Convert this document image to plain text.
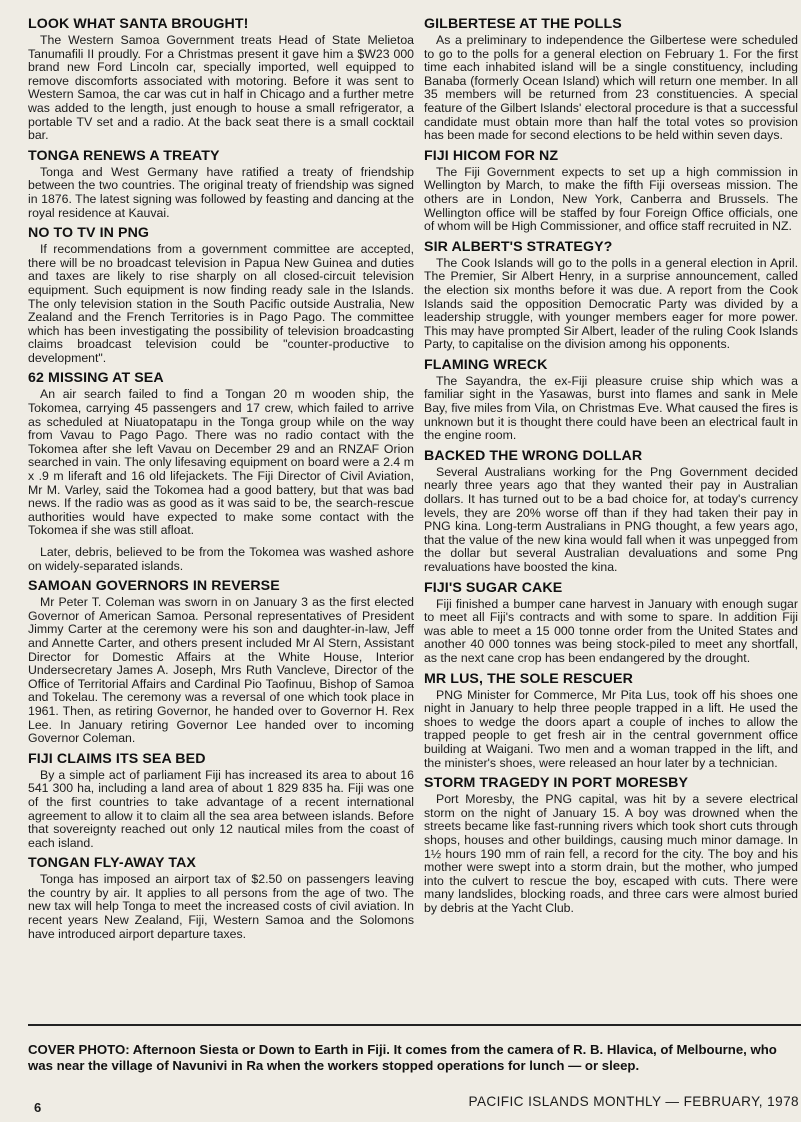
LOOK WHAT SANTA BROUGHT!

The Western Samoa Government treats Head of State Melietoa Tanumafili II proudly. For a Christmas present it gave him a $W23 000 brand new Ford Lincoln car, specially imported, well equipped to remove discomforts associated with motoring. Before it was sent to Western Samoa, the car was cut in half in Chicago and a further metre was added to the length, just enough to house a small refrigerator, a portable TV set and a radio. At the back seat there is a small cocktail bar.

TONGA RENEWS A TREATY

Tonga and West Germany have ratified a treaty of friendship between the two countries. The original treaty of friendship was signed in 1876. The latest signing was followed by feasting and dancing at the royal residence at Kauvai.

NO TO TV IN PNG

If recommendations from a government committee are accepted, there will be no broadcast television in Papua New Guinea and duties and taxes are likely to rise sharply on all closed-circuit television equipment. Such equipment is now finding ready sale in the Islands. The only television station in the South Pacific outside Australia, New Zealand and the French Territories is in Pago Pago. The committee which has been investigating the possibility of television broadcasting claims broadcast television could be "counter-productive to development".

62 MISSING AT SEA

An air search failed to find a Tongan 20 m wooden ship, the Tokomea, carrying 45 passengers and 17 crew, which failed to arrive as scheduled at Niuatopatapu in the Tonga group while on the way from Vavau to Pago Pago. There was no radio contact with the Tokomea after she left Vavau on December 29 and an RNZAF Orion searched in vain. The only lifesaving equipment on board were a 2.4 m x .9 m liferaft and 16 old lifejackets. The Fiji Director of Civil Aviation, Mr M. Varley, said the Tokomea had a good battery, but that was bad news. If the radio was as good as it was said to be, the search-rescue authorities would have expected to make some contact with the Tokomea if she was still afloat.

Later, debris, believed to be from the Tokomea was washed ashore on widely-separated islands.

SAMOAN GOVERNORS IN REVERSE

Mr Peter T. Coleman was sworn in on January 3 as the first elected Governor of American Samoa. Personal representatives of President Jimmy Carter at the ceremony were his son and daughter-in-law, Jeff and Annette Carter, and others present included Mr Al Stern, Assistant Director for Domestic Affairs at the White House, Interior Undersecretary James A. Joseph, Mrs Ruth Vancleve, Director of the Office of Territorial Affairs and Cardinal Pio Taofinuu, Bishop of Samoa and Tokelau. The ceremony was a reversal of one which took place in 1961. Then, as retiring Governor, he handed over to Governor H. Rex Lee. In January retiring Governor Lee handed over to incoming Governor Coleman.

FIJI CLAIMS ITS SEA BED

By a simple act of parliament Fiji has increased its area to about 16 541 300 ha, including a land area of about 1 829 835 ha. Fiji was one of the first countries to take advantage of a recent international agreement to allow it to claim all the sea area between islands. Before that sovereignty reached out only 12 nautical miles from the coast of each island.

TONGAN FLY-AWAY TAX

Tonga has imposed an airport tax of $2.50 on passengers leaving the country by air. It applies to all persons from the age of two. The new tax will help Tonga to meet the increased costs of civil aviation. In recent years New Zealand, Fiji, Western Samoa and the Solomons have introduced airport departure taxes.

GILBERTESE AT THE POLLS

As a preliminary to independence the Gilbertese were scheduled to go to the polls for a general election on February 1. For the first time each inhabited island will be a single constituency, including Banaba (formerly Ocean Island) which will return one member. In all 35 members will be returned from 23 constituencies. A special feature of the Gilbert Islands' electoral procedure is that a successful candidate must obtain more than half the total votes so provision has been made for second elections to be held within seven days.

FIJI HICOM FOR NZ

The Fiji Government expects to set up a high commission in Wellington by March, to make the fifth Fiji overseas mission. The others are in London, New York, Canberra and Brussels. The Wellington office will be staffed by four Foreign Office officials, one of whom will be High Commissioner, and office staff recruited in NZ.

SIR ALBERT'S STRATEGY?

The Cook Islands will go to the polls in a general election in April. The Premier, Sir Albert Henry, in a surprise announcement, called the election six months before it was due. A report from the Cook Islands said the opposition Democratic Party was divided by a leadership struggle, with younger members eager for more power. This may have prompted Sir Albert, leader of the ruling Cook Islands Party, to capitalise on the division among his opponents.

FLAMING WRECK

The Sayandra, the ex-Fiji pleasure cruise ship which was a familiar sight in the Yasawas, burst into flames and sank in Mele Bay, five miles from Vila, on Christmas Eve. What caused the fires is unknown but it is thought there could have been an electrical fault in the engine room.

BACKED THE WRONG DOLLAR

Several Australians working for the Png Government decided nearly three years ago that they wanted their pay in Australian dollars. It has turned out to be a bad choice for, at today's currency levels, they are 20% worse off than if they had taken their pay in PNG kina. Long-term Australians in PNG thought, a few years ago, that the value of the new kina would fall when it was unpegged from the dollar but several Australian devaluations and some Png revaluations have boosted the kina.

FIJI'S SUGAR CAKE

Fiji finished a bumper cane harvest in January with enough sugar to meet all Fiji's contracts and with some to spare. In addition Fiji was able to meet a 15 000 tonne order from the United States and another 40 000 tonnes was being stock-piled to meet any shortfall, as the next cane crop has been endangered by the drought.

MR LUS, THE SOLE RESCUER

PNG Minister for Commerce, Mr Pita Lus, took off his shoes one night in January to help three people trapped in a lift. He used the shoes to wedge the doors apart a couple of inches to allow the trapped people to get fresh air in the central government office building at Waigani. Two men and a woman trapped in the lift, and the minister's shoes, were released an hour later by a technician.

STORM TRAGEDY IN PORT MORESBY

Port Moresby, the PNG capital, was hit by a severe electrical storm on the night of January 15. A boy was drowned when the streets became like fast-running rivers which took short cuts through shops, houses and other buildings, causing much minor damage. In 1½ hours 190 mm of rain fell, a record for the city. The boy and his mother were swept into a storm drain, but the mother, who jumped into the culvert to rescue the boy, escaped with cuts. There were many landslides, blocking roads, and three cars were almost buried by debris at the Yacht Club.

COVER PHOTO: Afternoon Siesta or Down to Earth in Fiji. It comes from the camera of R. B. Hlavica, of Melbourne, who was near the village of Navunivi in Ra when the workers stopped operations for lunch — or sleep.
6	PACIFIC ISLANDS MONTHLY — FEBRUARY, 1978
